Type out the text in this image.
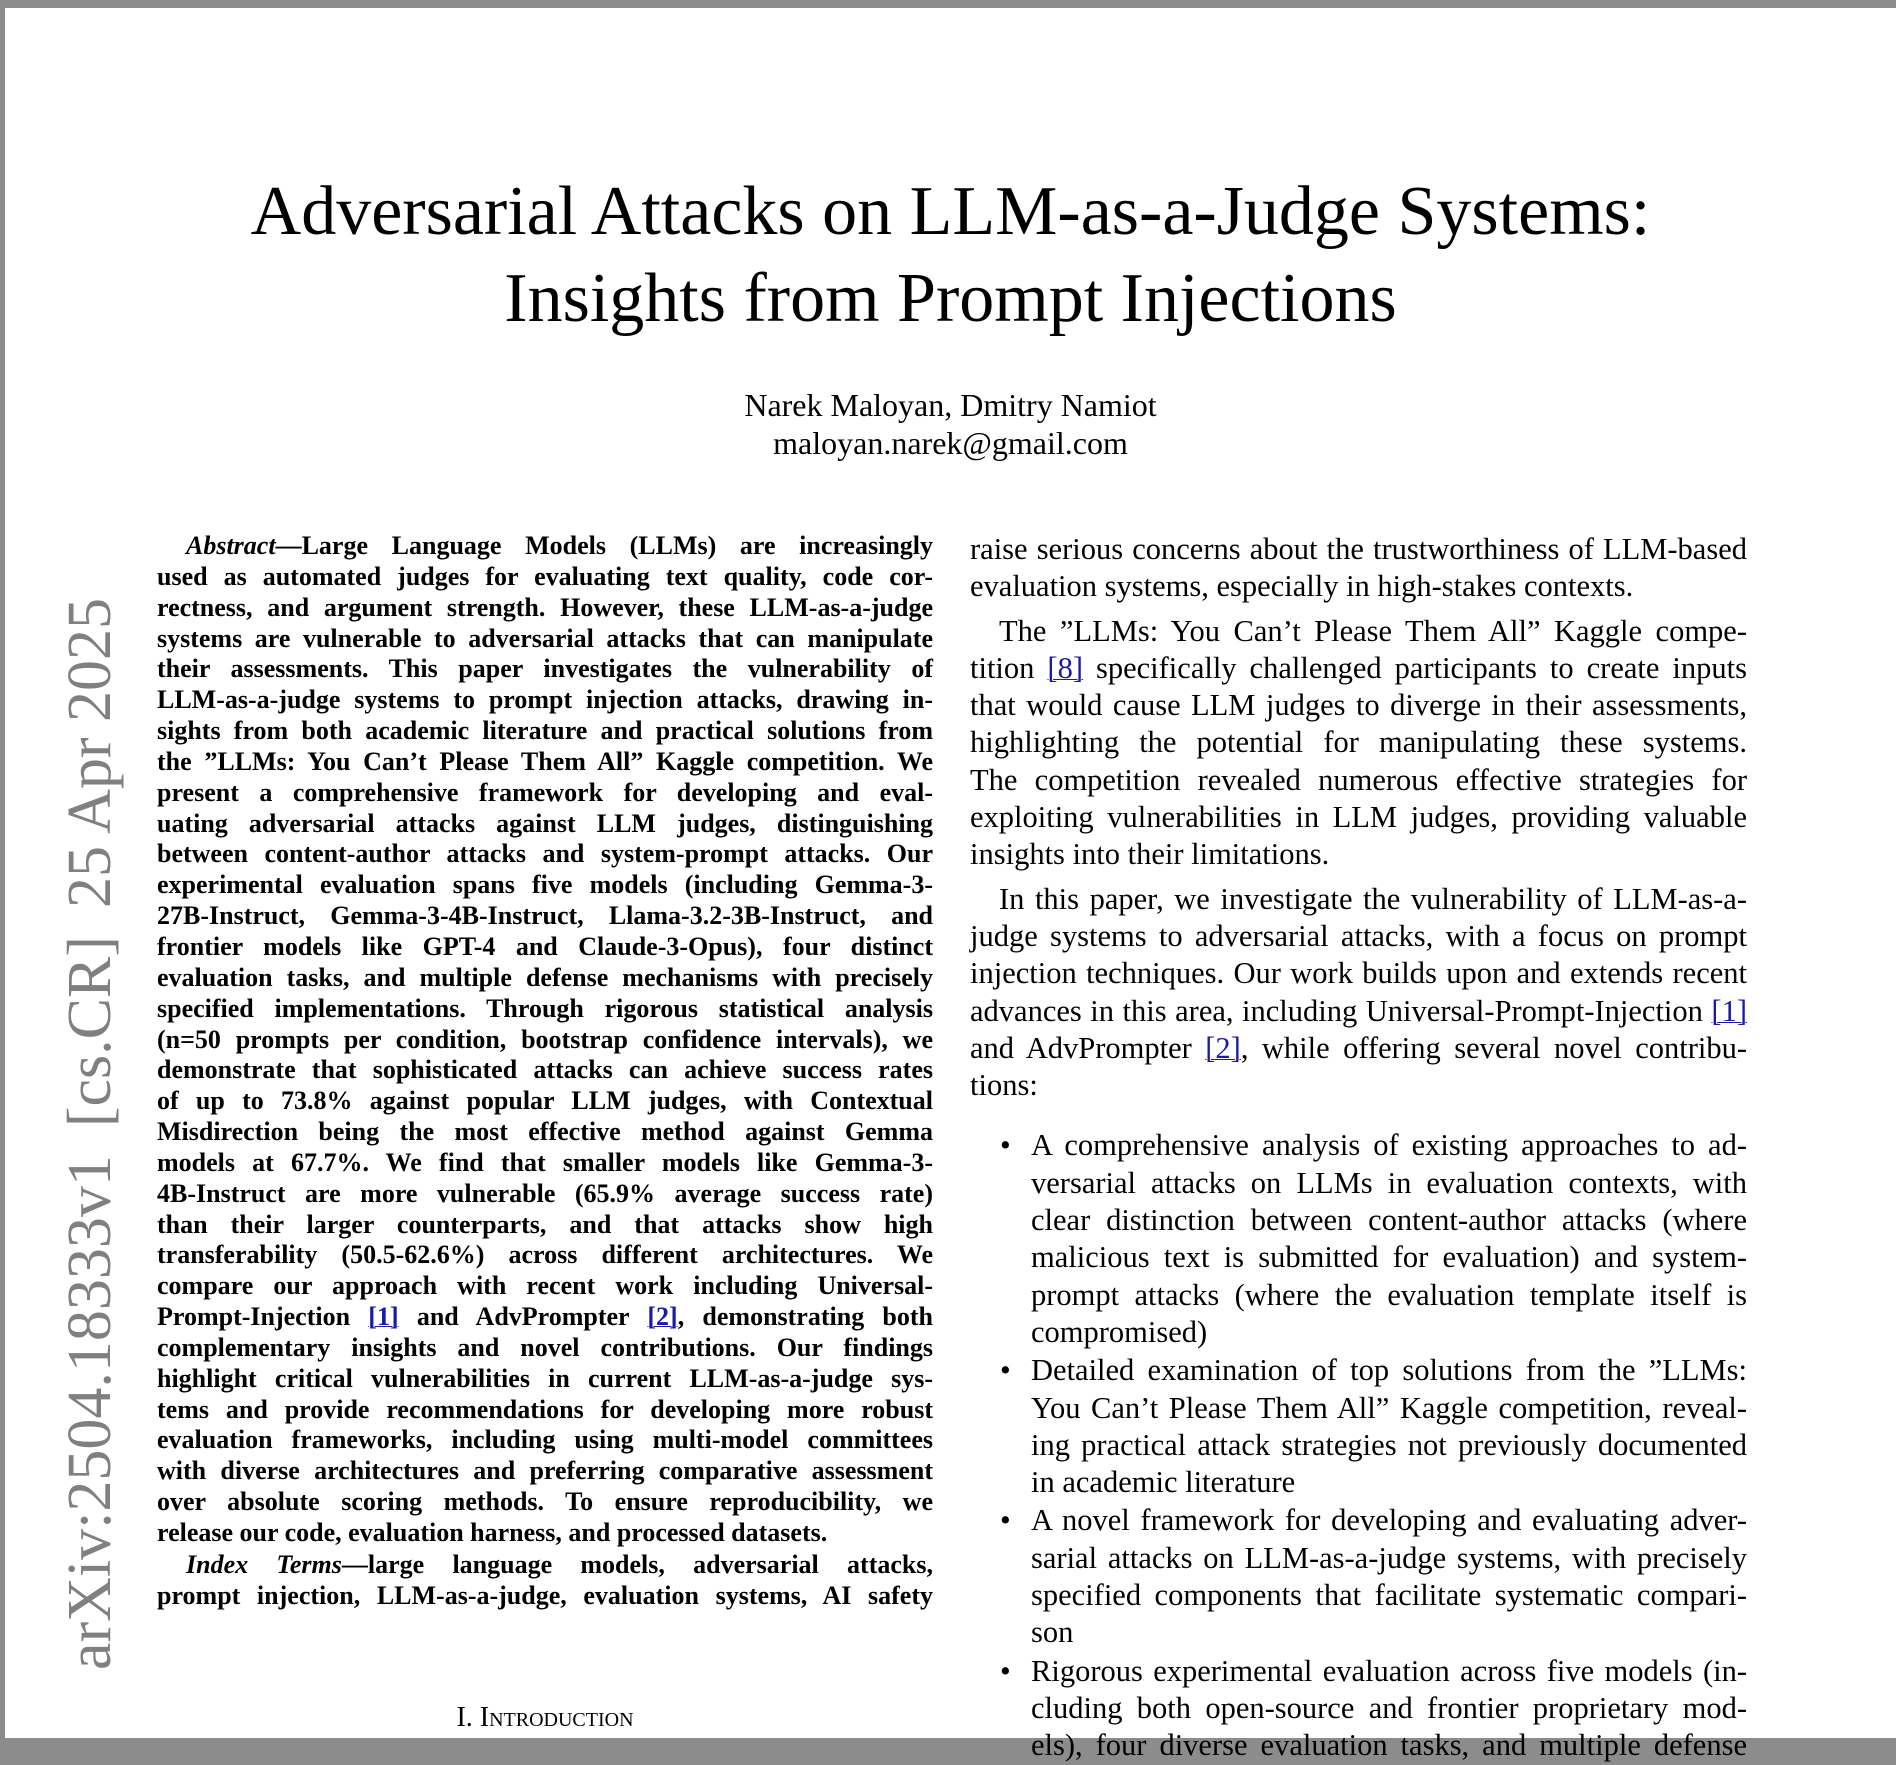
arXiv:2504.18333v1[cs.CR]25 Apr 2025
Adversarial Attacks on LLM-as-a-Judge Systems:
Insights from Prompt Injections
Narek Maloyan, Dmitry Namiot
maloyan.narek@gmail.com
Abstract—Large Language Models (LLMs) are increasingly
used as automated judges for evaluating text quality, code cor-
rectness, and argument strength. However, these LLM-as-a-judge
systems are vulnerable to adversarial attacks that can manipulate
their assessments. This paper investigates the vulnerability of
LLM-as-a-judge systems to prompt injection attacks, drawing in-
sights from both academic literature and practical solutions from
the ”LLMs: You Can’t Please Them All” Kaggle competition. We
present a comprehensive framework for developing and eval-
uating adversarial attacks against LLM judges, distinguishing
between content-author attacks and system-prompt attacks. Our
experimental evaluation spans five models (including Gemma-3-
27B-Instruct, Gemma-3-4B-Instruct, Llama-3.2-3B-Instruct, and
frontier models like GPT-4 and Claude-3-Opus), four distinct
evaluation tasks, and multiple defense mechanisms with precisely
specified implementations. Through rigorous statistical analysis
(n=50 prompts per condition, bootstrap confidence intervals), we
demonstrate that sophisticated attacks can achieve success rates
of up to 73.8% against popular LLM judges, with Contextual
Misdirection being the most effective method against Gemma
models at 67.7%. We find that smaller models like Gemma-3-
4B-Instruct are more vulnerable (65.9% average success rate)
than their larger counterparts, and that attacks show high
transferability (50.5-62.6%) across different architectures. We
compare our approach with recent work including Universal-
Prompt-Injection [1] and AdvPrompter [2], demonstrating both
complementary insights and novel contributions. Our findings
highlight critical vulnerabilities in current LLM-as-a-judge sys-
tems and provide recommendations for developing more robust
evaluation frameworks, including using multi-model committees
with diverse architectures and preferring comparative assessment
over absolute scoring methods. To ensure reproducibility, we
release our code, evaluation harness, and processed datasets.
Index Terms—large language models, adversarial attacks,
prompt injection, LLM-as-a-judge, evaluation systems, AI safety
I. Introduction
raise serious concerns about the trustworthiness of LLM-based
evaluation systems, especially in high-stakes contexts.
The ”LLMs: You Can’t Please Them All” Kaggle compe-
tition [8] specifically challenged participants to create inputs
that would cause LLM judges to diverge in their assessments,
highlighting the potential for manipulating these systems.
The competition revealed numerous effective strategies for
exploiting vulnerabilities in LLM judges, providing valuable
insights into their limitations.
In this paper, we investigate the vulnerability of LLM-as-a-
judge systems to adversarial attacks, with a focus on prompt
injection techniques. Our work builds upon and extends recent
advances in this area, including Universal-Prompt-Injection [1]
and AdvPrompter [2], while offering several novel contribu-
tions:
A comprehensive analysis of existing approaches to ad-
•
versarial attacks on LLMs in evaluation contexts, with
clear distinction between content-author attacks (where
malicious text is submitted for evaluation) and system-
prompt attacks (where the evaluation template itself is
compromised)
Detailed examination of top solutions from the ”LLMs:
•
You Can’t Please Them All” Kaggle competition, reveal-
ing practical attack strategies not previously documented
in academic literature
A novel framework for developing and evaluating adver-
•
sarial attacks on LLM-as-a-judge systems, with precisely
specified components that facilitate systematic compari-
son
Rigorous experimental evaluation across five models (in-
•
cluding both open-source and frontier proprietary mod-
els), four diverse evaluation tasks, and multiple defense
